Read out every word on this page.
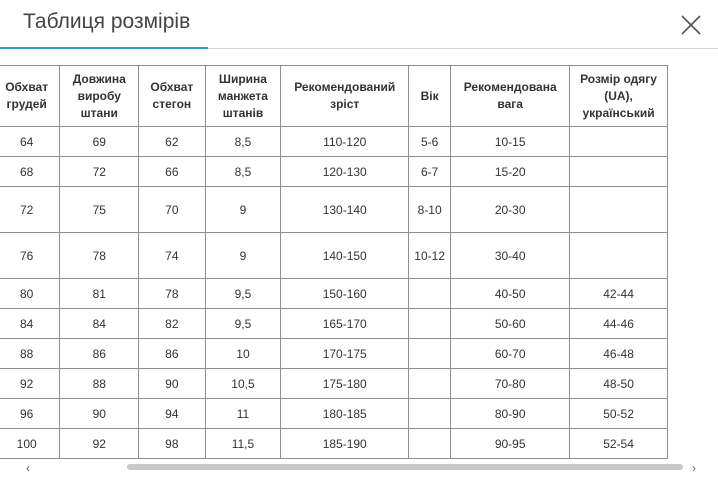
Таблиця розмірів
Обхват грудей	Довжина виробу штани	Обхват стегон	Ширина манжета штанів	Рекомендований зріст	Вік	Рекомендована вага	Розмір одягу (UA), український
64	69	62	8,5	110-120	5-6	10-15	
68	72	66	8,5	120-130	6-7	15-20	
72	75	70	9	130-140	8-10	20-30	
76	78	74	9	140-150	10-12	30-40	
80	81	78	9,5	150-160		40-50	42-44
84	84	82	9,5	165-170		50-60	44-46
88	86	86	10	170-175		60-70	46-48
92	88	90	10,5	175-180		70-80	48-50
96	90	94	11	180-185		80-90	50-52
100	92	98	11,5	185-190		90-95	52-54
‹	›
